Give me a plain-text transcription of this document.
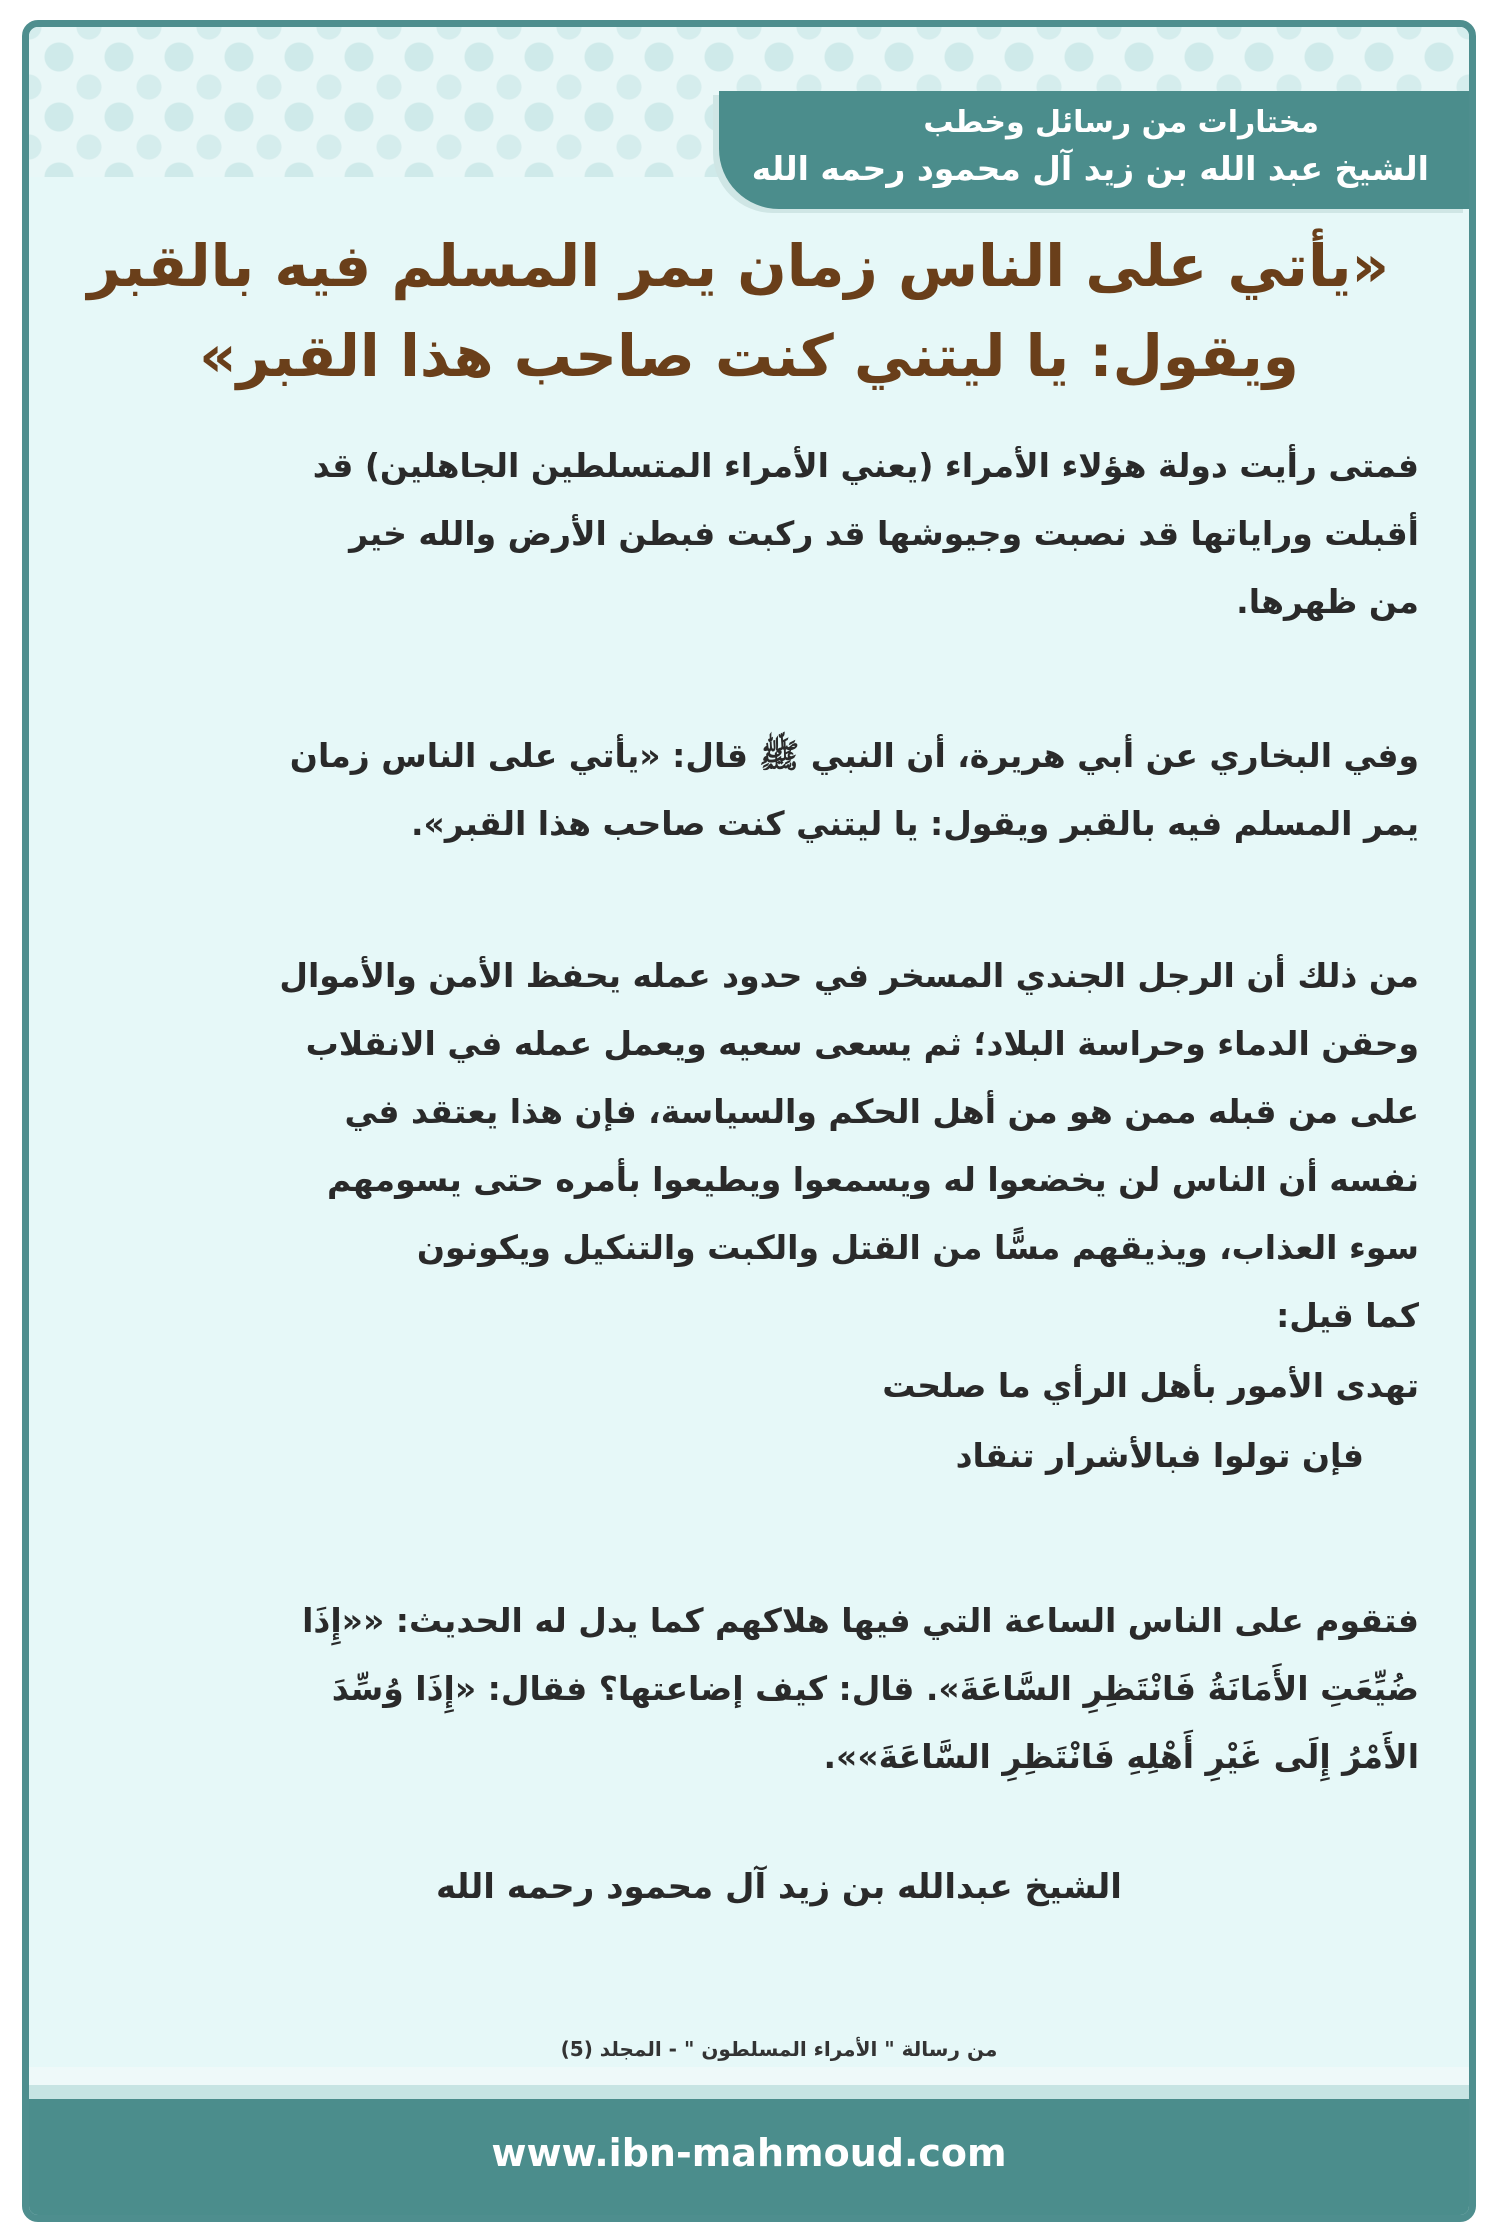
مختارات من رسائل وخطب
الشيخ عبد الله بن زيد آل محمود رحمه الله
«يأتي على الناس زمان يمر المسلم فيه بالقبر
ويقول: يا ليتني كنت صاحب هذا القبر»
فمتى رأيت دولة هؤلاء الأمراء (يعني الأمراء المتسلطين الجاهلين) قد
أقبلت وراياتها قد نصبت وجيوشها قد ركبت فبطن الأرض والله خير
من ظهرها.
وفي البخاري عن أبي هريرة، أن النبي ﷺ قال: «يأتي على الناس زمان
يمر المسلم فيه بالقبر ويقول: يا ليتني كنت صاحب هذا القبر».
من ذلك أن الرجل الجندي المسخر في حدود عمله يحفظ الأمن والأموال
وحقن الدماء وحراسة البلاد؛ ثم يسعى سعيه ويعمل عمله في الانقلاب
على من قبله ممن هو من أهل الحكم والسياسة، فإن هذا يعتقد في
نفسه أن الناس لن يخضعوا له ويسمعوا ويطيعوا بأمره حتى يسومهم
سوء العذاب، ويذيقهم مسًّا من القتل والكبت والتنكيل ويكونون
كما قيل:
تهدى الأمور بأهل الرأي ما صلحت
فإن تولوا فبالأشرار تنقاد
فتقوم على الناس الساعة التي فيها هلاكهم كما يدل له الحديث: ««إِذَا
ضُيِّعَتِ الأَمَانَةُ فَانْتَظِرِ السَّاعَةَ». قال: كيف إضاعتها؟ فقال: «إِذَا وُسِّدَ
الأَمْرُ إِلَى غَيْرِ أَهْلِهِ فَانْتَظِرِ السَّاعَةَ»».
الشيخ عبدالله بن زيد آل محمود رحمه الله
من رسالة " الأمراء المسلطون " - المجلد (5)
www.ibn-mahmoud.com
